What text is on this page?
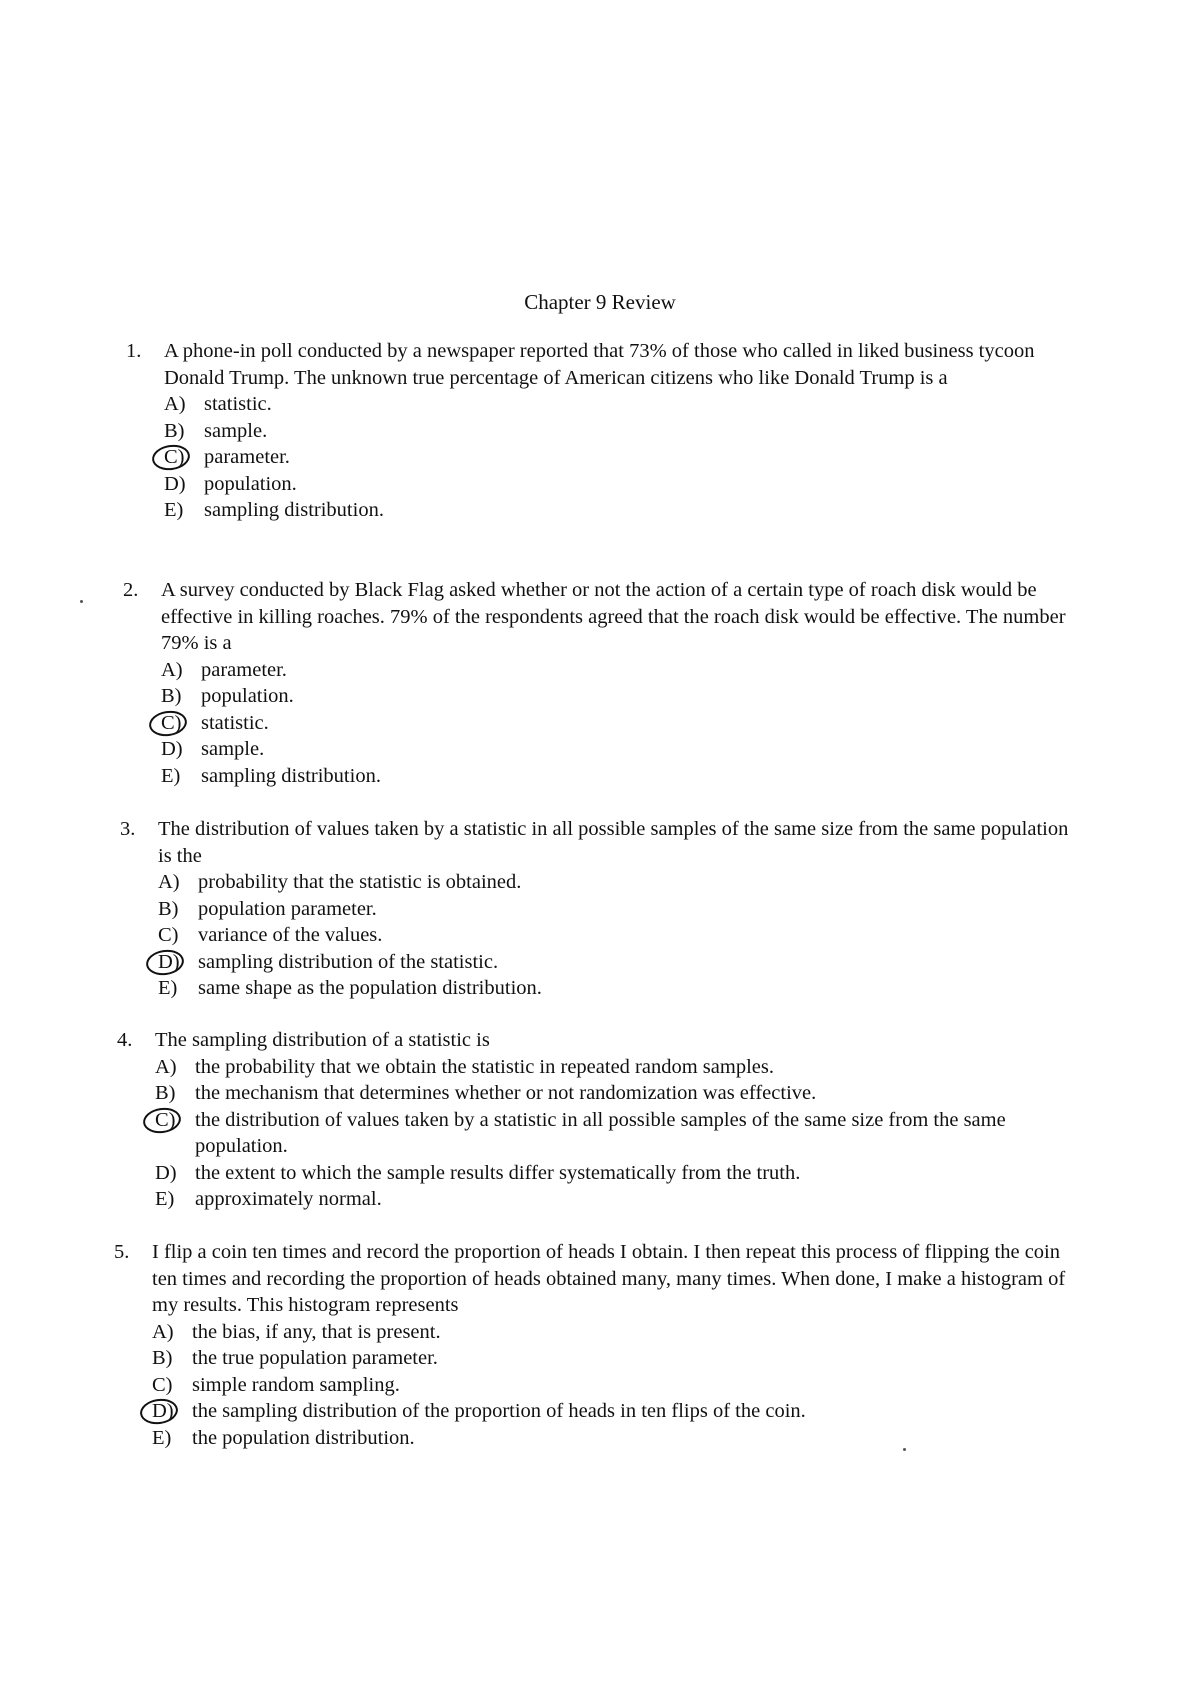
Chapter 9 Review
1. A phone-in poll conducted by a newspaper reported that 73% of those who called in liked business tycoon Donald Trump. The unknown true percentage of American citizens who like Donald Trump is a
A) statistic.
B) sample.
C) parameter.
D) population.
E) sampling distribution.
2. A survey conducted by Black Flag asked whether or not the action of a certain type of roach disk would be effective in killing roaches. 79% of the respondents agreed that the roach disk would be effective. The number 79% is a
A) parameter.
B) population.
C) statistic.
D) sample.
E) sampling distribution.
3. The distribution of values taken by a statistic in all possible samples of the same size from the same population is the
A) probability that the statistic is obtained.
B) population parameter.
C) variance of the values.
D) sampling distribution of the statistic.
E) same shape as the population distribution.
4. The sampling distribution of a statistic is
A) the probability that we obtain the statistic in repeated random samples.
B) the mechanism that determines whether or not randomization was effective.
C) the distribution of values taken by a statistic in all possible samples of the same size from the same population.
D) the extent to which the sample results differ systematically from the truth.
E) approximately normal.
5. I flip a coin ten times and record the proportion of heads I obtain. I then repeat this process of flipping the coin ten times and recording the proportion of heads obtained many, many times. When done, I make a histogram of my results. This histogram represents
A) the bias, if any, that is present.
B) the true population parameter.
C) simple random sampling.
D) the sampling distribution of the proportion of heads in ten flips of the coin.
E) the population distribution.
